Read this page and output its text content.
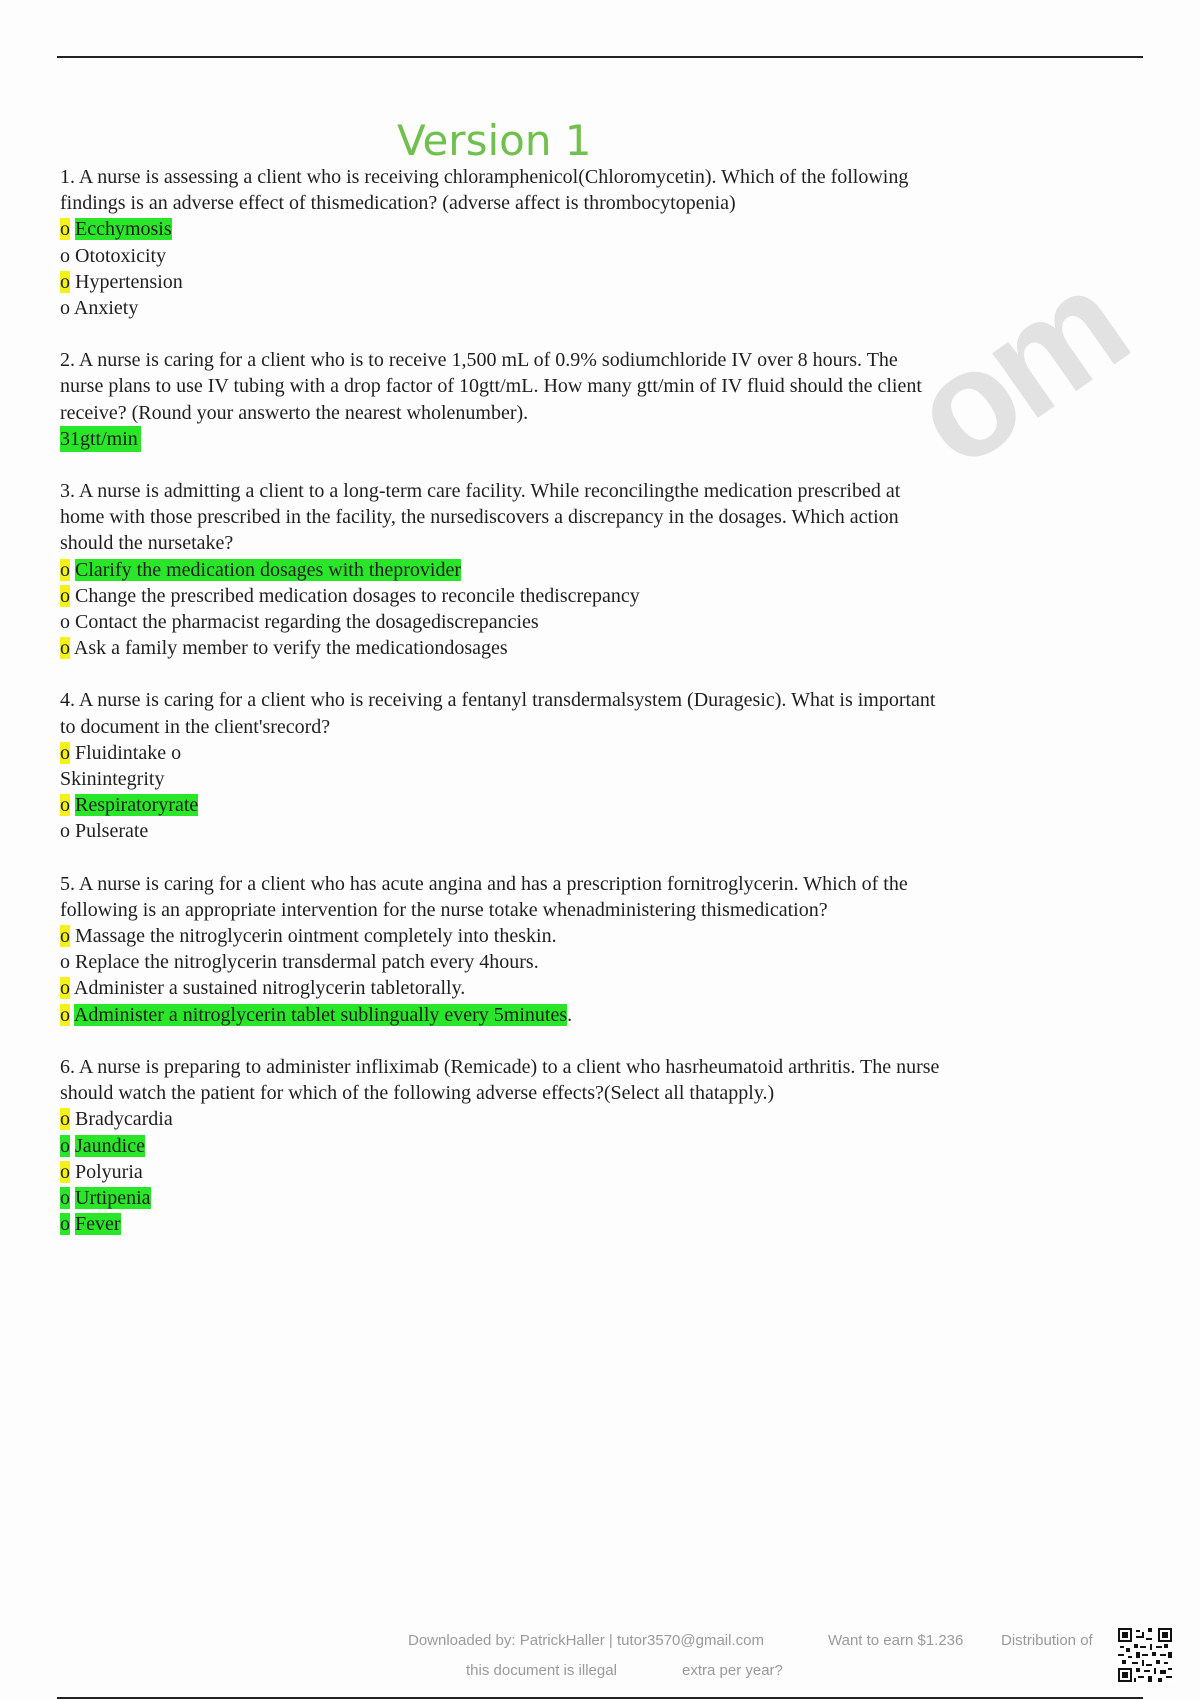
om
Version 1

1. A nurse is assessing a client who is receiving chloramphenicol(Chloromycetin). Which of the following findings is an adverse effect of thismedication? (adverse affect is thrombocytopenia)

o Ecchymosis
o Ototoxicity
o Hypertension
o Anxiety

2. A nurse is caring for a client who is to receive 1,500 mL of 0.9% sodiumchloride IV over 8 hours. The nurse plans to use IV tubing with a drop factor of 10gtt/mL. How many gtt/min of IV fluid should the client receive? (Round your answerto the nearest wholenumber).

31gtt/min

3. A nurse is admitting a client to a long-term care facility. While reconcilingthe medication prescribed at home with those prescribed in the facility, the nursediscovers a discrepancy in the dosages. Which action should the nursetake?

o Clarify the medication dosages with theprovider
o Change the prescribed medication dosages to reconcile thediscrepancy
o Contact the pharmacist regarding the dosagediscrepancies
o Ask a family member to verify the medicationdosages

4. A nurse is caring for a client who is receiving a fentanyl transdermalsystem (Duragesic). What is important to document in the client'srecord?

o Fluidintake o
Skinintegrity
o Respiratoryrate
o Pulserate

5. A nurse is caring for a client who has acute angina and has a prescription fornitroglycerin. Which of the following is an appropriate intervention for the nurse totake whenadministering thismedication?

o Massage the nitroglycerin ointment completely into theskin.
o Replace the nitroglycerin transdermal patch every 4hours.
o Administer a sustained nitroglycerin tabletorally.
o Administer a nitroglycerin tablet sublingually every 5minutes.

6. A nurse is preparing to administer infliximab (Remicade) to a client who hasrheumatoid arthritis. The nurse should watch the patient for which of the following adverse effects?(Select all thatapply.)

o Bradycardia
o Jaundice
o Polyuria
o Urtipenia
o Fever
Downloaded by: PatrickHaller | tutor3570@gmail.com	Want to earn $1.236	Distribution of
this document is illegal	extra per year?
